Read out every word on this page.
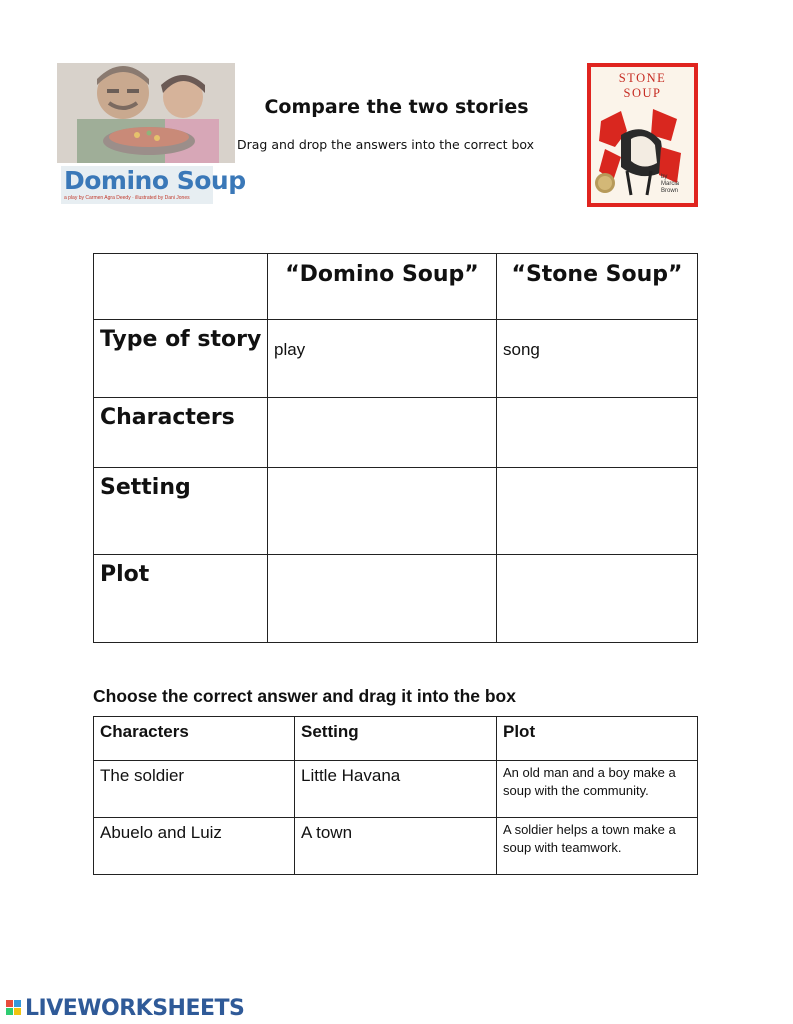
Domino Soup
a play by Carmen Agra Deedy · illustrated by Dani Jones
Compare the two stories
Drag and drop the answers into the correct box
STONE
SOUP
by
Marcia
Brown
	“Domino Soup”	“Stone Soup”
Type of story	play	song
Characters		
Setting		
Plot		
Choose the correct answer and drag it into the box
Characters	Setting	Plot
The soldier	Little Havana	An old man and a boy make a soup with the community.
Abuelo and Luiz	A town	A soldier helps a town make a soup with teamwork.
LIVEWORKSHEETS
